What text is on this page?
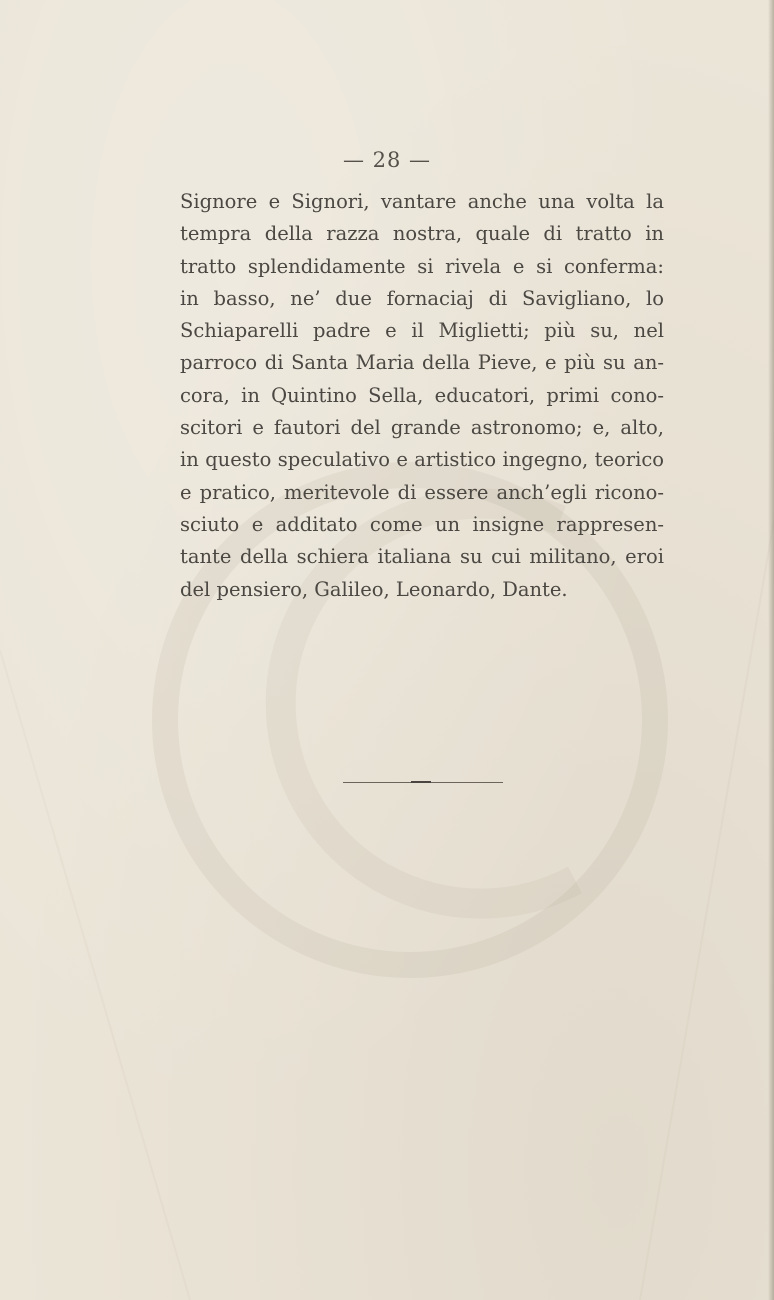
— 28 —
Signore e Signori, vantare anche una volta la
tempra della razza nostra, quale di tratto in
tratto splendidamente si rivela e si conferma:
in basso, ne’ due fornaciaj di Savigliano, lo
Schiaparelli padre e il Miglietti; più su, nel
parroco di Santa Maria della Pieve, e più su an-
cora, in Quintino Sella, educatori, primi cono-
scitori e fautori del grande astronomo; e, alto,
in questo speculativo e artistico ingegno, teorico
e pratico, meritevole di essere anch’egli ricono-
sciuto e additato come un insigne rappresen-
tante della schiera italiana su cui militano, eroi
del pensiero, Galileo, Leonardo, Dante.
